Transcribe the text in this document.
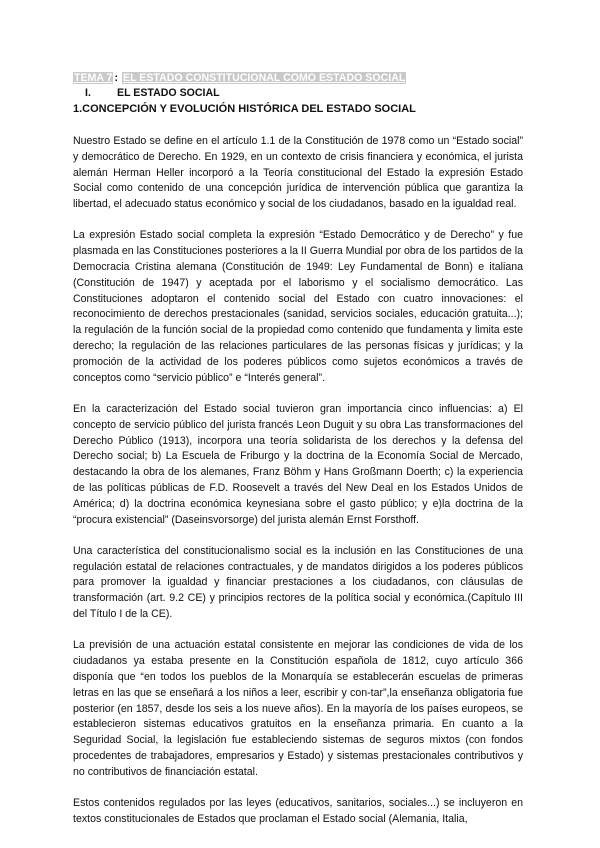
TEMA 7 : EL ESTADO CONSTITUCIONAL COMO ESTADO SOCIAL
I. EL ESTADO SOCIAL
1.CONCEPCIÓN Y EVOLUCIÓN HISTÓRICA DEL ESTADO SOCIAL

Nuestro Estado se define en el artículo 1.1 de la Constitución de 1978 como un “Estado social” y democrático de Derecho. En 1929, en un contexto de crisis financiera y económica, el jurista alemán Herman Heller incorporó a la Teoría constitucional del Estado la expresión Estado Social como contenido de una concepción jurídica de intervención pública que garantiza la libertad, el adecuado status económico y social de los ciudadanos, basado en la igualdad real.

La expresión Estado social completa la expresión “Estado Democrático y de Derecho” y fue plasmada en las Constituciones posteriores a la II Guerra Mundial por obra de los partidos de la Democracia Cristina alemana (Constitución de 1949: Ley Fundamental de Bonn) e italiana (Constitución de 1947) y aceptada por el laborismo y el socialismo democrático. Las Constituciones adoptaron el contenido social del Estado con cuatro innovaciones: el reconocimiento de derechos prestacionales (sanidad, servicios sociales, educación gratuita...); la regulación de la función social de la propiedad como contenido que fundamenta y limita este derecho; la regulación de las relaciones particulares de las personas físicas y jurídicas; y la promoción de la actividad de los poderes públicos como sujetos económicos a través de conceptos como “servicio público” e “Interés general”.

En la caracterización del Estado social tuvieron gran importancia cinco influencias: a) El concepto de servicio público del jurista francés Leon Duguit y su obra Las transformaciones del Derecho Público (1913), incorpora una teoría solidarista de los derechos y la defensa del Derecho social; b) La Escuela de Friburgo y la doctrina de la Economía Social de Mercado, destacando la obra de los alemanes, Franz Böhm y Hans Großmann Doerth; c) la experiencia de las políticas públicas de F.D. Roosevelt a través del New Deal en los Estados Unidos de América; d) la doctrina económica keynesiana sobre el gasto público; y e)la doctrina de la “procura existencial” (Daseinsvorsorge) del jurista alemán Ernst Forsthoff.

Una característica del constitucionalismo social es la inclusión en las Constituciones de una regulación estatal de relaciones contractuales, y de mandatos dirigidos a los poderes públicos para promover la igualdad y financiar prestaciones a los ciudadanos, con cláusulas de transformación (art. 9.2 CE) y principios rectores de la política social y económica.(Capítulo III del Título I de la CE).

La previsión de una actuación estatal consistente en mejorar las condiciones de vida de los ciudadanos ya estaba presente en la Constitución española de 1812, cuyo artículo 366 disponía que “en todos los pueblos de la Monarquía se establecerán escuelas de primeras letras en las que se enseñará a los niños a leer, escribir y con-tar”,la enseñanza obligatoria fue posterior (en 1857, desde los seis a los nueve años). En la mayoría de los países europeos, se establecieron sistemas educativos gratuitos en la enseñanza primaria. En cuanto a la Seguridad Social, la legislación fue estableciendo sistemas de seguros mixtos (con fondos procedentes de trabajadores, empresarios y Estado) y sistemas prestacionales contributivos y no contributivos de financiación estatal.

Estos contenidos regulados por las leyes (educativos, sanitarios, sociales...) se incluyeron en textos constitucionales de Estados que proclaman el Estado social (Alemania, Italia,
